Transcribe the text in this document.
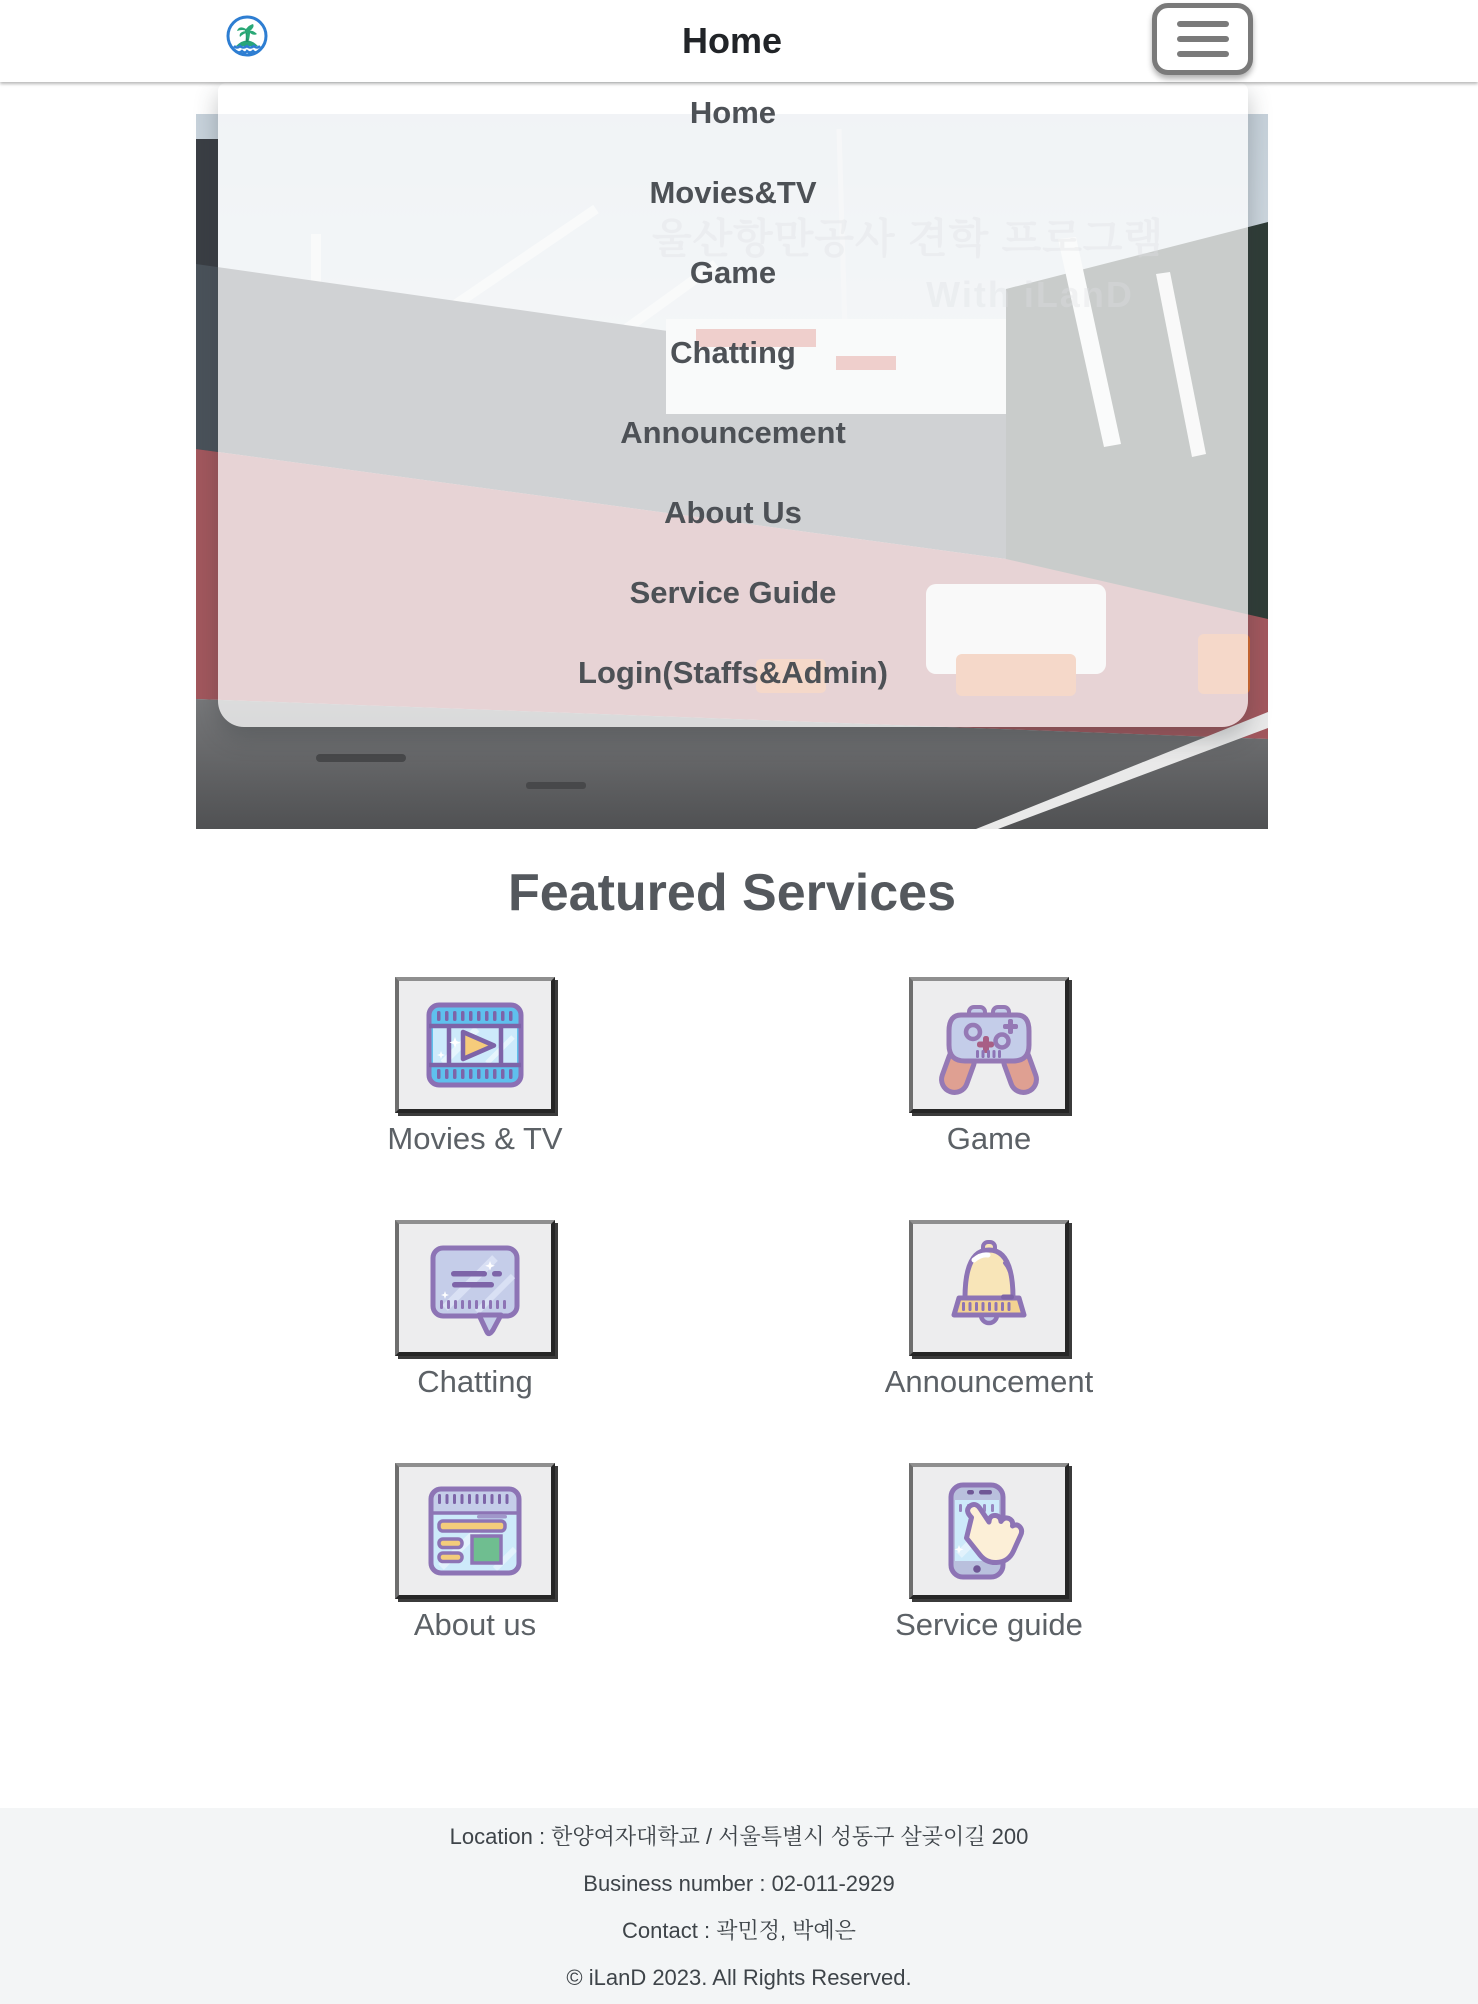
Home
Home
Movies&TV
Game
Chatting
Announcement
About Us
Service Guide
Login(Staffs&Admin)
Featured Services
Movies & TV	Game
Chatting	Announcement
About us	Service guide
Location : 한양여자대학교 / 서울특별시 성동구 살곶이길 200
Business number : 02-011-2929
Contact : 곽민정, 박예은
© iLanD 2023. All Rights Reserved.
